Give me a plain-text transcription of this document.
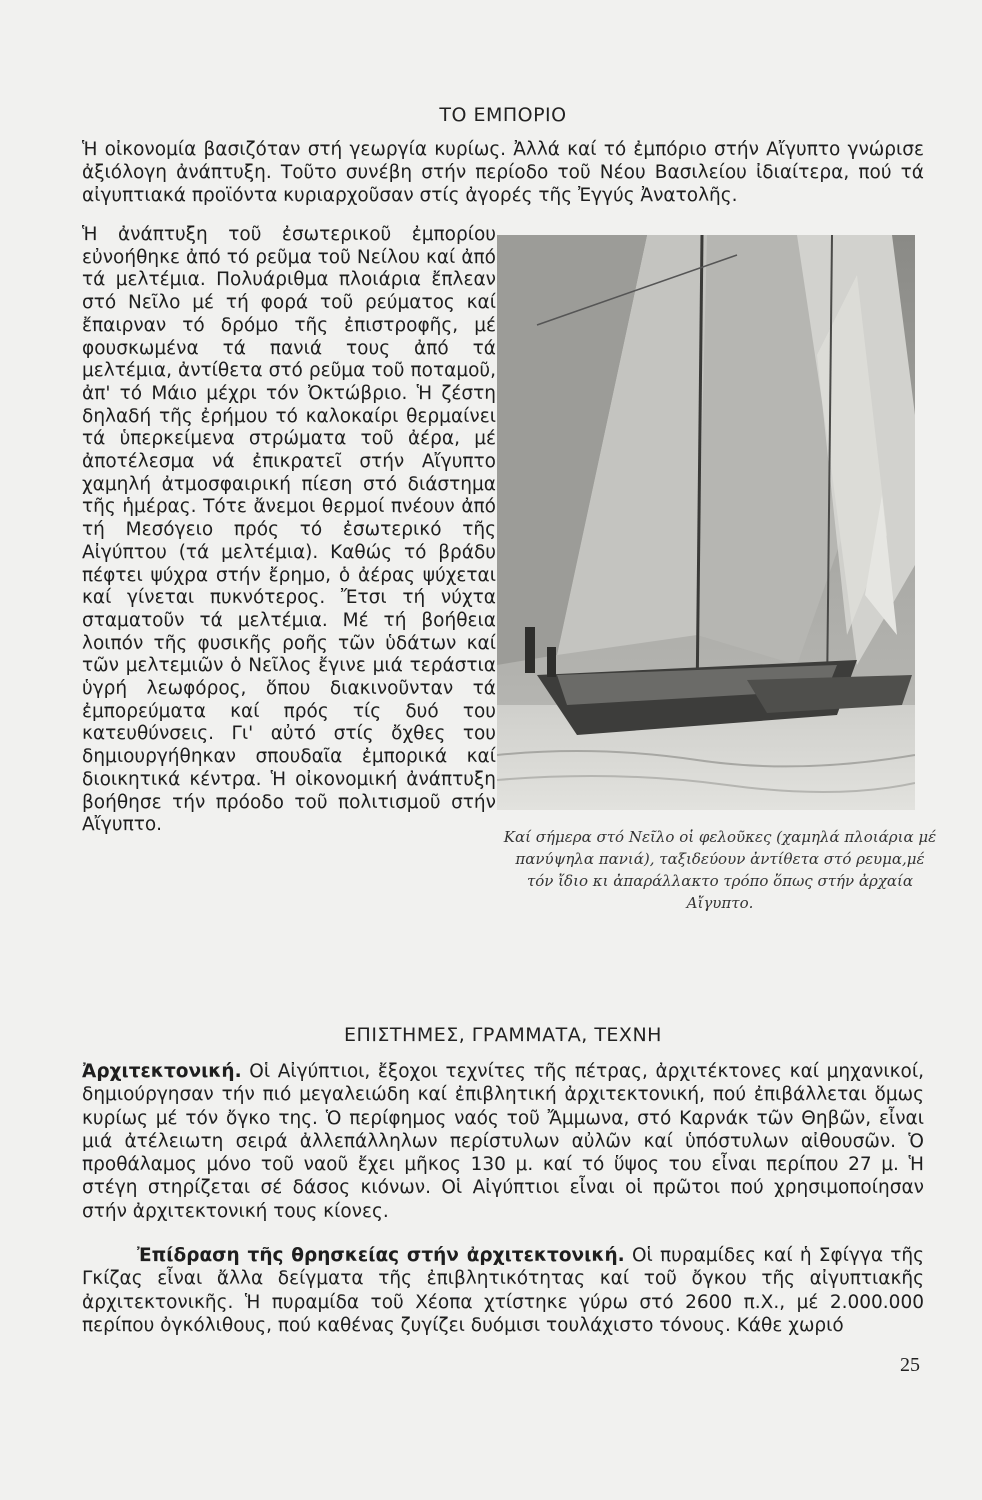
ΤΟ ΕΜΠΟΡΙΟ
Ἡ οἰκονομία βασιζόταν στή γεωργία κυρίως. Ἀλλά καί τό ἐμπόριο στήν Αἴγυπτο γνώρισε ἀξιόλογη ἀνάπτυξη. Τοῦτο συνέβη στήν περίοδο τοῦ Νέου Βασιλείου ἰδιαίτερα, πού τά αἰγυπτιακά προϊόντα κυριαρχοῦσαν στίς ἀγορές τῆς Ἐγγύς Ἀνατολῆς.
Ἡ ἀνάπτυξη τοῦ ἐσωτερικοῦ ἐμπορίου εὐνοήθηκε ἀπό τό ρεῦμα τοῦ Νείλου καί ἀπό τά μελτέμια. Πολυάριθμα πλοιάρια ἔπλεαν στό Νεῖλο μέ τή φορά τοῦ ρεύματος καί ἔπαιρναν τό δρόμο τῆς ἐπιστροφῆς, μέ φουσκωμένα τά πανιά τους ἀπό τά μελτέμια, ἀντίθετα στό ρεῦμα τοῦ ποταμοῦ, ἀπ' τό Μάιο μέχρι τόν Ὀκτώβριο. Ἡ ζέστη δηλαδή τῆς ἐρήμου τό καλοκαίρι θερμαίνει τά ὑπερκείμενα στρώματα τοῦ ἀέρα, μέ ἀποτέλεσμα νά ἐπικρατεῖ στήν Αἴγυπτο χαμηλή ἀτμοσφαιρική πίεση στό διάστημα τῆς ἡμέρας. Τότε ἄνεμοι θερμοί πνέουν ἀπό τή Μεσόγειο πρός τό ἐσωτερικό τῆς Αἰγύπτου (τά μελτέμια). Καθώς τό βράδυ πέφτει ψύχρα στήν ἔρημο, ὁ ἀέρας ψύχεται καί γίνεται πυκνότερος. Ἔτσι τή νύχτα σταματοῦν τά μελτέμια. Μέ τή βοήθεια λοιπόν τῆς φυσικῆς ροῆς τῶν ὑδάτων καί τῶν μελτεμιῶν ὁ Νεῖλος ἔγινε μιά τεράστια ὑγρή λεωφόρος, ὅπου διακινοῦνταν τά ἐμπορεύματα καί πρός τίς δυό του κατευθύνσεις. Γι' αὐτό στίς ὄχθες του δημιουργήθηκαν σπουδαῖα ἐμπορικά καί διοικητικά κέντρα. Ἡ οἰκονομική ἀνάπτυξη βοήθησε τήν πρόοδο τοῦ πολιτισμοῦ στήν Αἴγυπτο.
Καί σήμερα στό Νεῖλο οἱ φελοῦκες (χαμηλά πλοιάρια μέ πανύψηλα πανιά), ταξιδεύουν ἀντίθετα στό ρευμα,μέ τόν ἴδιο κι ἀπαράλλακτο τρόπο ὅπως στήν ἀρχαία Αἴγυπτο.
ΕΠΙΣΤΗΜΕΣ, ΓΡΑΜΜΑΤΑ, ΤΕΧΝΗ
Ἀρχιτεκτονική. Οἱ Αἰγύπτιοι, ἔξοχοι τεχνίτες τῆς πέτρας, ἀρχιτέκτονες καί μηχανικοί, δημιούργησαν τήν πιό μεγαλειώδη καί ἐπιβλητική ἀρχιτεκτονική, πού ἐπιβάλλεται ὅμως κυρίως μέ τόν ὄγκο της. Ὁ περίφημος ναός τοῦ Ἄμμωνα, στό Καρνάκ τῶν Θηβῶν, εἶναι μιά ἀτέλειωτη σειρά ἀλλεπάλληλων περίστυλων αὐλῶν καί ὑπόστυλων αἰθουσῶν. Ὁ προθάλαμος μόνο τοῦ ναοῦ ἔχει μῆκος 130 μ. καί τό ὕψος του εἶναι περίπου 27 μ. Ἡ στέγη στηρίζεται σέ δάσος κιόνων. Οἱ Αἰγύπτιοι εἶναι οἱ πρῶτοι πού χρησιμοποίησαν στήν ἀρχιτεκτονική τους κίονες.
Ἐπίδραση τῆς θρησκείας στήν ἀρχιτεκτονική. Οἱ πυραμίδες καί ἡ Σφίγγα τῆς Γκίζας εἶναι ἄλλα δείγματα τῆς ἐπιβλητικότητας καί τοῦ ὄγκου τῆς αἰγυπτιακῆς ἀρχιτεκτονικῆς. Ἡ πυραμίδα τοῦ Χέοπα χτίστηκε γύρω στό 2600 π.Χ., μέ 2.000.000 περίπου ὀγκόλιθους, πού καθένας ζυγίζει δυόμισι τουλάχιστο τόνους. Κάθε χωριό
25
